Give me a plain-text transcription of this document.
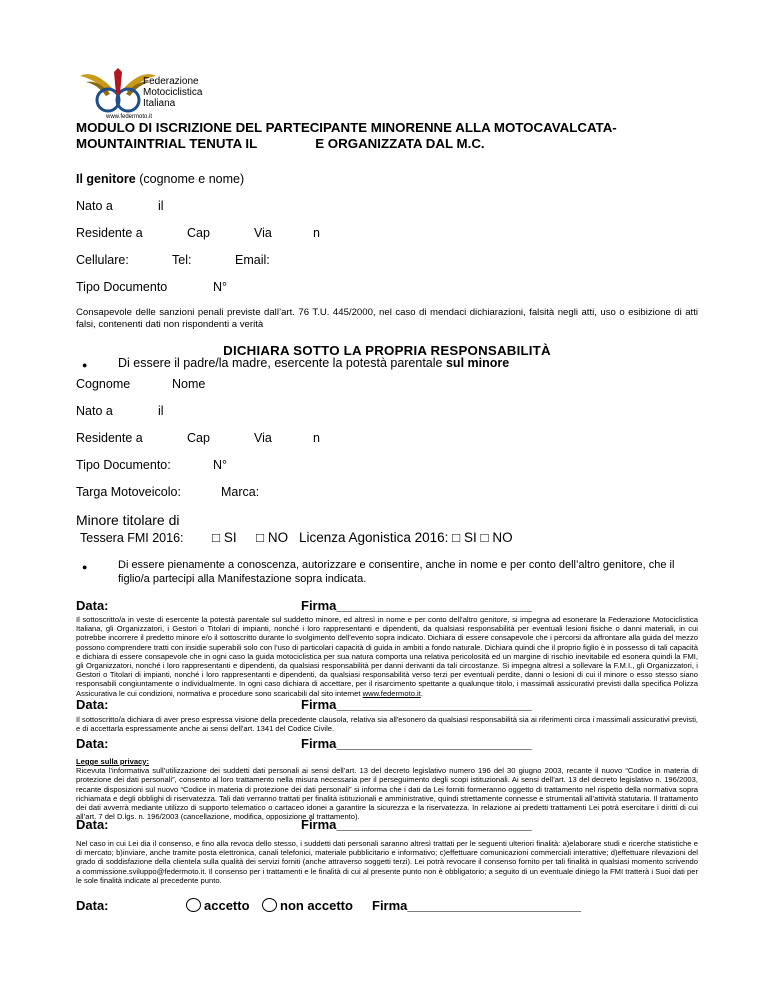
Federazione
Motociclistica
Italiana
www.federmoto.it
MODULO DI ISCRIZIONE DEL PARTECIPANTE MINORENNE ALLA MOTOCAVALCATA-
MOUNTAINTRIAL TENUTA IL	E ORGANIZZATA DAL M.C.
Il genitore (cognome e nome)
Nato a	il
Residente a	Cap	Via	n
Cellulare:	Tel:	Email:
Tipo Documento	N°
Consapevole delle sanzioni penali previste dall’art. 76 T.U. 445/2000, nel caso di mendaci dichiarazioni, falsità negli atti, uso o esibizione di atti falsi, contenenti dati non rispondenti a verità
DICHIARA SOTTO LA PROPRIA RESPONSABILITÀ
● Di essere il padre/la madre, esercente la potestà parentale sul minore
Cognome	Nome
Nato a	il
Residente a	Cap	Via	n
Tipo Documento:	N°
Targa Motoveicolo:	Marca:
Minore titolare di
Tessera FMI 2016: □ SI □ NO Licenza Agonistica 2016: □ SI □ NO
●	Di essere pienamente a conoscenza, autorizzare e consentire, anche in nome e per conto dell’altro genitore, che il figlio/a partecipi alla Manifestazione sopra indicata.
Data:	Firma___________________________
Il sottoscritto/a in veste di esercente la potestà parentale sul suddetto minore, ed altresì in nome e per conto dell’altro genitore, si impegna ad esonerare la Federazione Motociclistica Italiana, gli Organizzatori, i Gestori o Titolari di impianti, nonché i loro rappresentanti e dipendenti, da qualsiasi responsabilità per eventuali lesioni fisiche o danni materiali, in cui potrebbe incorrere il predetto minore e/o il sottoscritto durante lo svolgimento dell'evento sopra indicato. Dichiara di essere consapevole che i percorsi da affrontare alla guida del mezzo possono comprendere tratti con insidie superabili solo con l’uso di particolari capacità di guida in ambiti a fondo naturale. Dichiara quindi che il proprio figlio è in possesso di tali capacità e dichiara di essere consapevole che in ogni caso la guida motociclistica per sua natura comporta una relativa pericolosità ed un margine di rischio inevitabile ed esonera quindi la FMI, gli Organizzatori, nonché i loro rappresentanti e dipendenti, da qualsiasi responsabilità per danni derivanti da tali circostanze. Si impegna altresì a sollevare la F.M.I., gli Organizzatori, i Gestori o Titolari di impianti, nonché i loro rappresentanti e dipendenti, da qualsiasi responsabilità verso terzi per eventuali perdite, danni o lesioni di cui il minore o esso stesso siano responsabili congiuntamente o individualmente. In ogni caso dichiara di accettare, per il risarcimento spettante a qualunque titolo, i massimali assicurativi previsti dalla specifica Polizza Assicurativa le cui condizioni, normativa e procedure sono scaricabili dal sito internet www.federmoto.it.
Data:	Firma___________________________
Il sottoscritto/a dichiara di aver preso espressa visione della precedente clausola, relativa sia all'esonero da qualsiasi responsabilità sia ai riferimenti circa i massimali assicurativi previsti, e di accettarla espressamente anche ai sensi dell'art. 1341 del Codice Civile.
Data:	Firma___________________________
Legge sulla privacy:
Ricevuta l’informativa sull’utilizzazione dei suddetti dati personali ai sensi dell’art. 13 del decreto legislativo numero 196 del 30 giugno 2003, recante il nuovo “Codice in materia di protezione dei dati personali”, consento al loro trattamento nella misura necessaria per il perseguimento degli scopi istituzionali. Ai sensi dell’art. 13 del decreto legislativo n. 196/2003, recante disposizioni sul nuovo “Codice in materia di protezione dei dati personali” si informa che i dati da Lei forniti formeranno oggetto di trattamento nel rispetto della normativa sopra richiamata e degli obblighi di riservatezza. Tali dati verranno trattati per finalità istituzionali e amministrative, quindi strettamente connesse e strumentali all’attività statutaria. Il trattamento dei dati avverrà mediante utilizzo di supporto telematico o cartaceo idonei a garantire la sicurezza e la riservatezza. In relazione ai predetti trattamenti Lei potrà esercitare i diritti di cui all’art. 7 del D.lgs. n. 196/2003 (cancellazione, modifica, opposizione al trattamento).
Data:	Firma___________________________
Nel caso in cui Lei dia il consenso, e fino alla revoca dello stesso, i suddetti dati personali saranno altresì trattati per le seguenti ulteriori finalità: a)elaborare studi e ricerche statistiche e di mercato; b)inviare, anche tramite posta elettronica, canali telefonici, materiale pubblicitario e informativo; c)effettuare comunicazioni commerciali interattive; d)effettuare rilevazioni del grado di soddisfazione della clientela sulla qualità dei servizi forniti (anche attraverso soggetti terzi). Lei potrà revocare il consenso fornito per tali finalità in qualsiasi momento scrivendo a commissione.sviluppo@federmoto.it. Il consenso per i trattamenti e le finalità di cui al presente punto non è obbligatorio; a seguito di un eventuale diniego la FMI tratterà i Suoi dati per le sole finalità indicate al precedente punto.
Data:	accetto	non accetto Firma________________________
